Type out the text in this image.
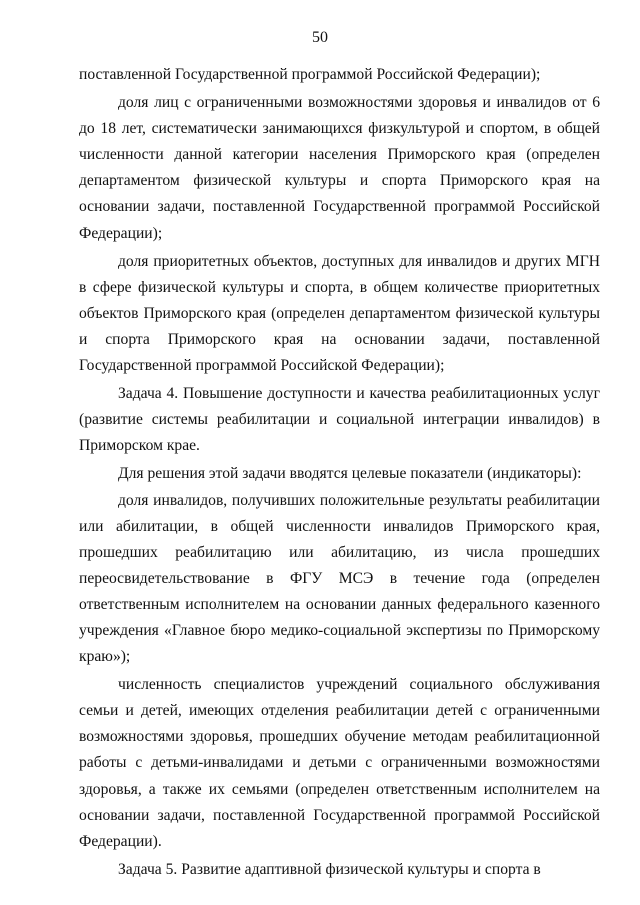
50

поставленной Государственной программой Российской Федерации);

доля лиц с ограниченными возможностями здоровья и инвалидов от 6 до 18 лет, систематически занимающихся физкультурой и спортом, в общей численности данной категории населения Приморского края (определен департаментом физической культуры и спорта Приморского края на основании задачи, поставленной Государственной программой Российской Федерации);

доля приоритетных объектов, доступных для инвалидов и других МГН в сфере физической культуры и спорта, в общем количестве приоритетных объектов Приморского края (определен департаментом физической культуры и спорта Приморского края на основании задачи, поставленной Государственной программой Российской Федерации);

Задача 4. Повышение доступности и качества реабилитационных услуг (развитие системы реабилитации и социальной интеграции инвалидов) в Приморском крае.

Для решения этой задачи вводятся целевые показатели (индикаторы):

доля инвалидов, получивших положительные результаты реабилитации или абилитации, в общей численности инвалидов Приморского края, прошедших реабилитацию или абилитацию, из числа прошедших переосвидетельствование в ФГУ МСЭ в течение года (определен ответственным исполнителем на основании данных федерального казенного учреждения «Главное бюро медико-социальной экспертизы по Приморскому краю»);

численность специалистов учреждений социального обслуживания семьи и детей, имеющих отделения реабилитации детей с ограниченными возможностями здоровья, прошедших обучение методам реабилитационной работы с детьми-инвалидами и детьми с ограниченными возможностями здоровья, а также их семьями (определен ответственным исполнителем на основании задачи, поставленной Государственной программой Российской Федерации).

Задача 5. Развитие адаптивной физической культуры и спорта в
